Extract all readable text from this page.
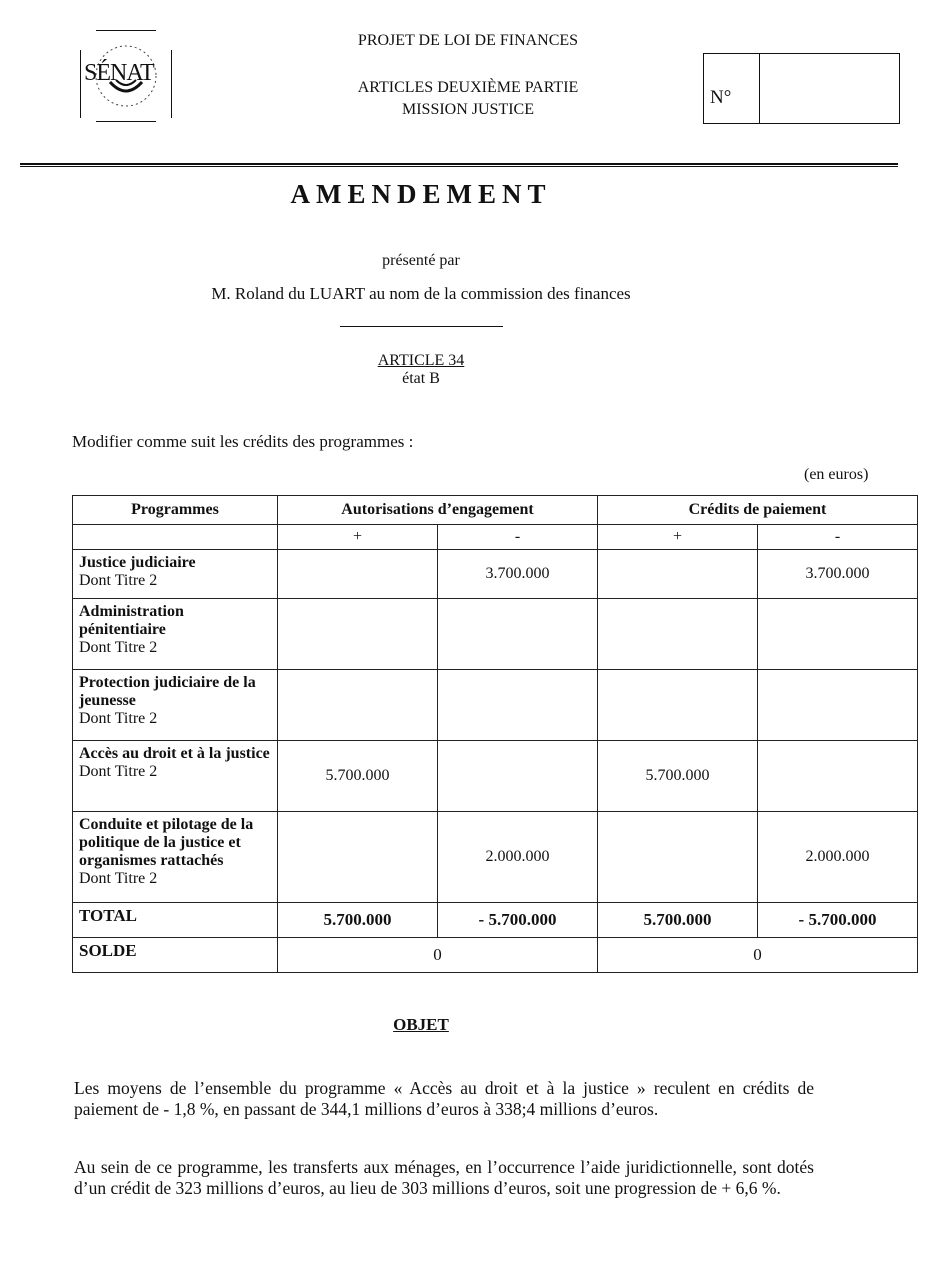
SÉNAT
PROJET DE LOI DE FINANCES
ARTICLES DEUXIÈME PARTIE
MISSION JUSTICE
N°
AMENDEMENT
présenté par
M. Roland du LUART au nom de la commission des finances
ARTICLE 34
état B
Modifier comme suit les crédits des programmes :
(en euros)
Programmes	Autorisations d’engagement		Crédits de paiement	
	+	-	+	-

Justice judiciaire
Dont Titre 2		3.700.000		3.700.000

Administration pénitentiaire
Dont Titre 2				

Protection judiciaire de la jeunesse
Dont Titre 2				

Accès au droit et à la justice
Dont Titre 2	5.700.000		5.700.000	

Conduite et pilotage de la politique de la justice et organismes rattachés
Dont Titre 2		2.000.000		2.000.000
TOTAL	5.700.000	- 5.700.000	5.700.000	- 5.700.000
SOLDE	0		0	
OBJET
Les moyens de l’ensemble du programme « Accès au droit et à la justice » reculent en crédits de paiement de - 1,8 %, en passant de 344,1 millions d’euros à 338;4 millions d’euros.
Au sein de ce programme, les transferts aux ménages, en l’occurrence l’aide juridictionnelle, sont dotés d’un crédit de 323 millions d’euros, au lieu de 303 millions d’euros, soit une progression de + 6,6 %.
